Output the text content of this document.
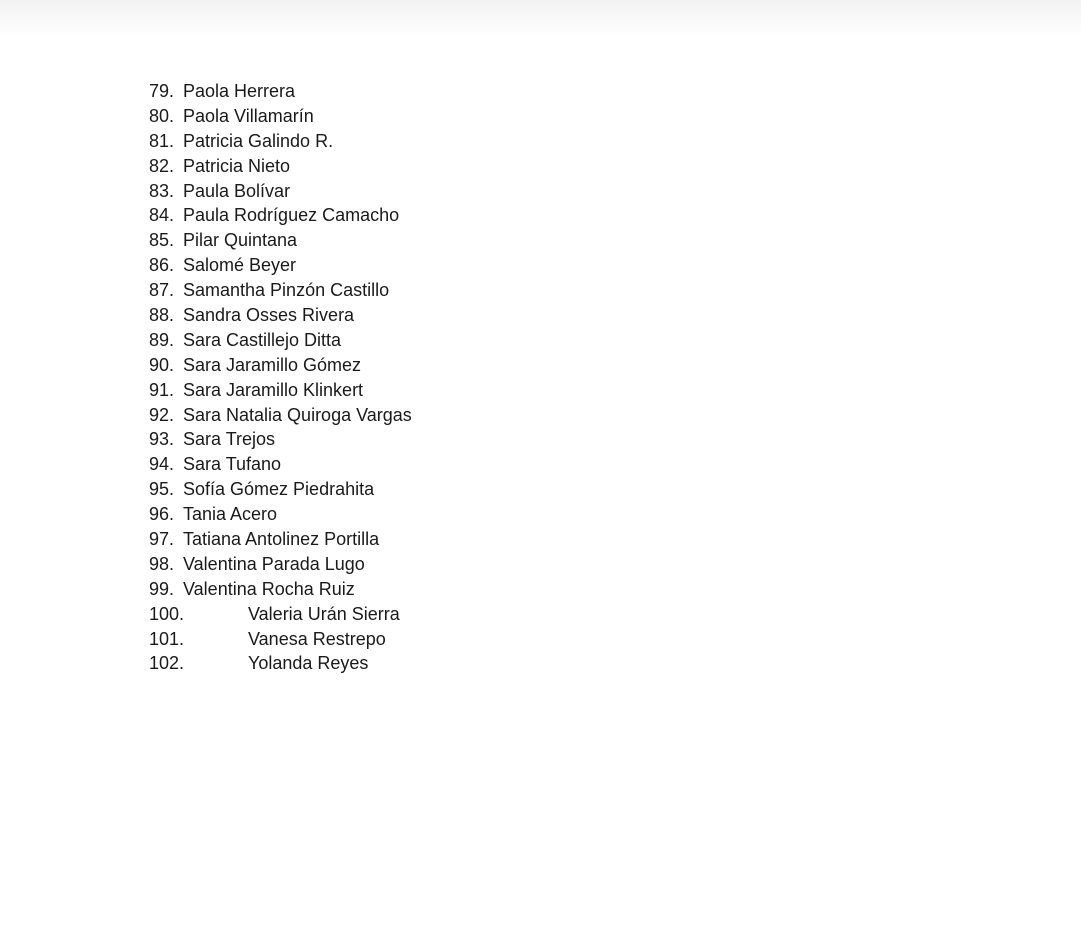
79. Paola Herrera
80. Paola Villamarín
81. Patricia Galindo R.
82. Patricia Nieto
83. Paula Bolívar
84. Paula Rodríguez Camacho
85. Pilar Quintana
86. Salomé Beyer
87. Samantha Pinzón Castillo
88. Sandra Osses Rivera
89. Sara Castillejo Ditta
90. Sara Jaramillo Gómez
91. Sara Jaramillo Klinkert
92. Sara Natalia Quiroga Vargas
93. Sara Trejos
94. Sara Tufano
95. Sofía Gómez Piedrahita
96. Tania Acero
97. Tatiana Antolinez Portilla
98. Valentina Parada Lugo
99. Valentina Rocha Ruiz
100.	Valeria Urán Sierra
101.	Vanesa Restrepo
102.	Yolanda Reyes
